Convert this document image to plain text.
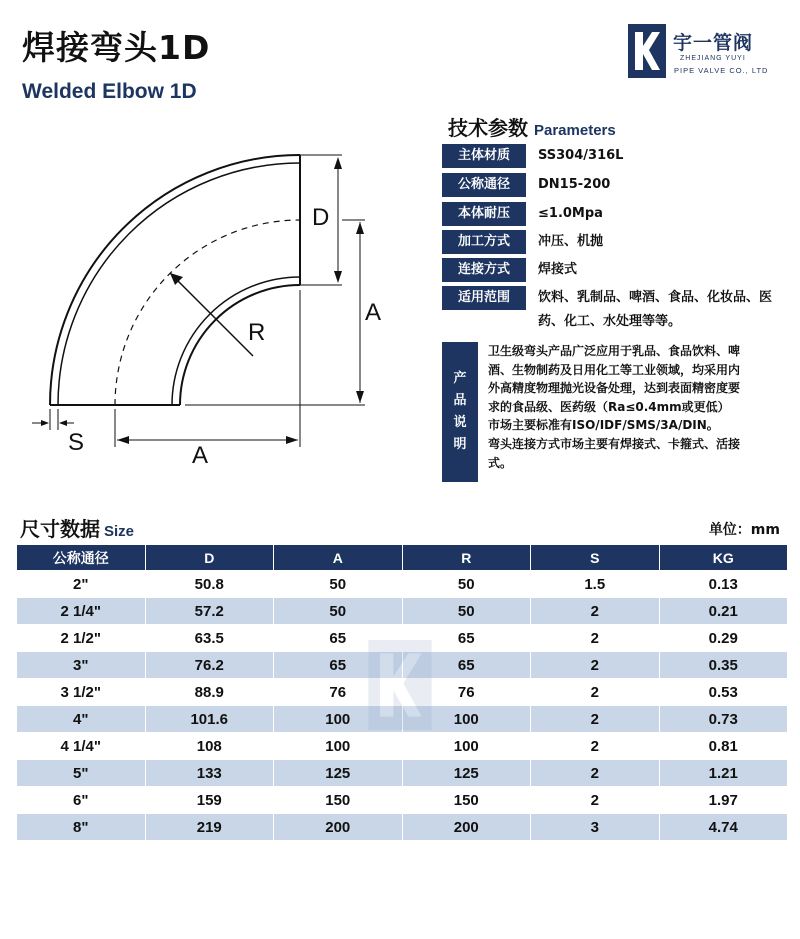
焊接弯头1D
Welded Elbow 1D
宇一管阀
ZHEJIANG YUYI
PIPE VALVE CO., LTD
D
A
R
S	A
技术参数 Parameters
主体材质	SS304/316L
公称通径	DN15-200
本体耐压	≤1.0Mpa
加工方式	冲压、机抛
连接方式	焊接式
适用范围	饮料、乳制品、啤酒、食品、化妆品、医药、化工、水处理等等。
产
品
说
明
卫生级弯头产品广泛应用于乳品、食品饮料、啤
酒、生物制药及日用化工等工业领域，均采用内
外高精度物理抛光设备处理，达到表面精密度要
求的食品级、医药级（Ra≤0.4mm或更低）
市场主要标准有ISO/IDF/SMS/3A/DIN。
弯头连接方式市场主要有焊接式、卡箍式、活接
式。
尺寸数据 Size	单位：mm
公称通径	D	A	R	S	KG
2"	50.8	50	50	1.5	0.13
2 1/4"	57.2	50	50	2	0.21
2 1/2"	63.5	65	65	2	0.29
3"	76.2	65	65	2	0.35
3 1/2"	88.9	76	76	2	0.53
4"	101.6	100	100	2	0.73
4 1/4"	108	100	100	2	0.81
5"	133	125	125	2	1.21
6"	159	150	150	2	1.97
8"	219	200	200	3	4.74
